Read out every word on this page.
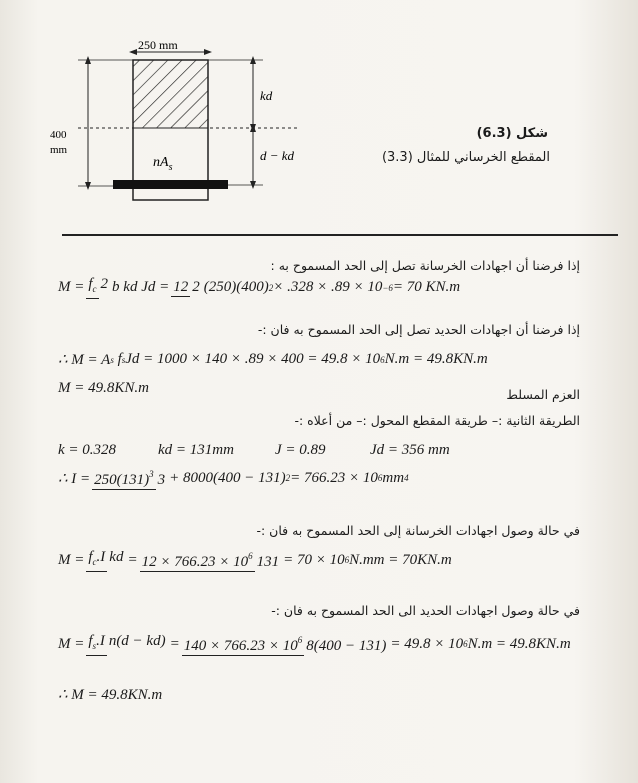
250 mm
$nA_s$
400
mm
kd
d − kd
شكل (6.3)
المقطع الخرساني للمثال (3.3)
إذا فرضنا أن اجهادات الخرسانة تصل إلى الحد المسموح به :
$M = f_c$ 2 b kd Jd = 12 2 (250)(400) 2 × .328 × .89 × 10 −6 = 70 KN.m
إذا فرضنا أن اجهادات الحديد تصل إلى الحد المسموح به فان :-
∴ M = A s f s Jd = 1000 × 140 × .89 × 400 = 49.8 × 10 6 N.m = 49.8KN.m
M = 49.8KN.m	العزم المسلط
الطريقة الثانية :– طريقة المقطع المحول :– من أعلاه :-
k = 0.328	kd = 131mm	J = 0.89	Jd = 356 mm
∴ $I = 250(131)^3$ 3 + 8000(400 − 131) 2 = 766.23 × 10 6 mm 4
في حالة وصول اجهادات الخرسانة إلى الحد المسموح به فان :-
$M = f_c.I$ kd = $12 \times 766.23 \times 10^6$ 131 = 70 × 10 6 N.mm = 70KN.m
في حالة وصول اجهادات الحديد الى الحد المسموح به فان :-
$M = f_s.I$ $n(d - kd) = 140 \times 766.23 \times 10^6$ 8(400 − 131) = 49.8 × 10 6 N.m = 49.8KN.m
∴ M = 49.8KN.m
